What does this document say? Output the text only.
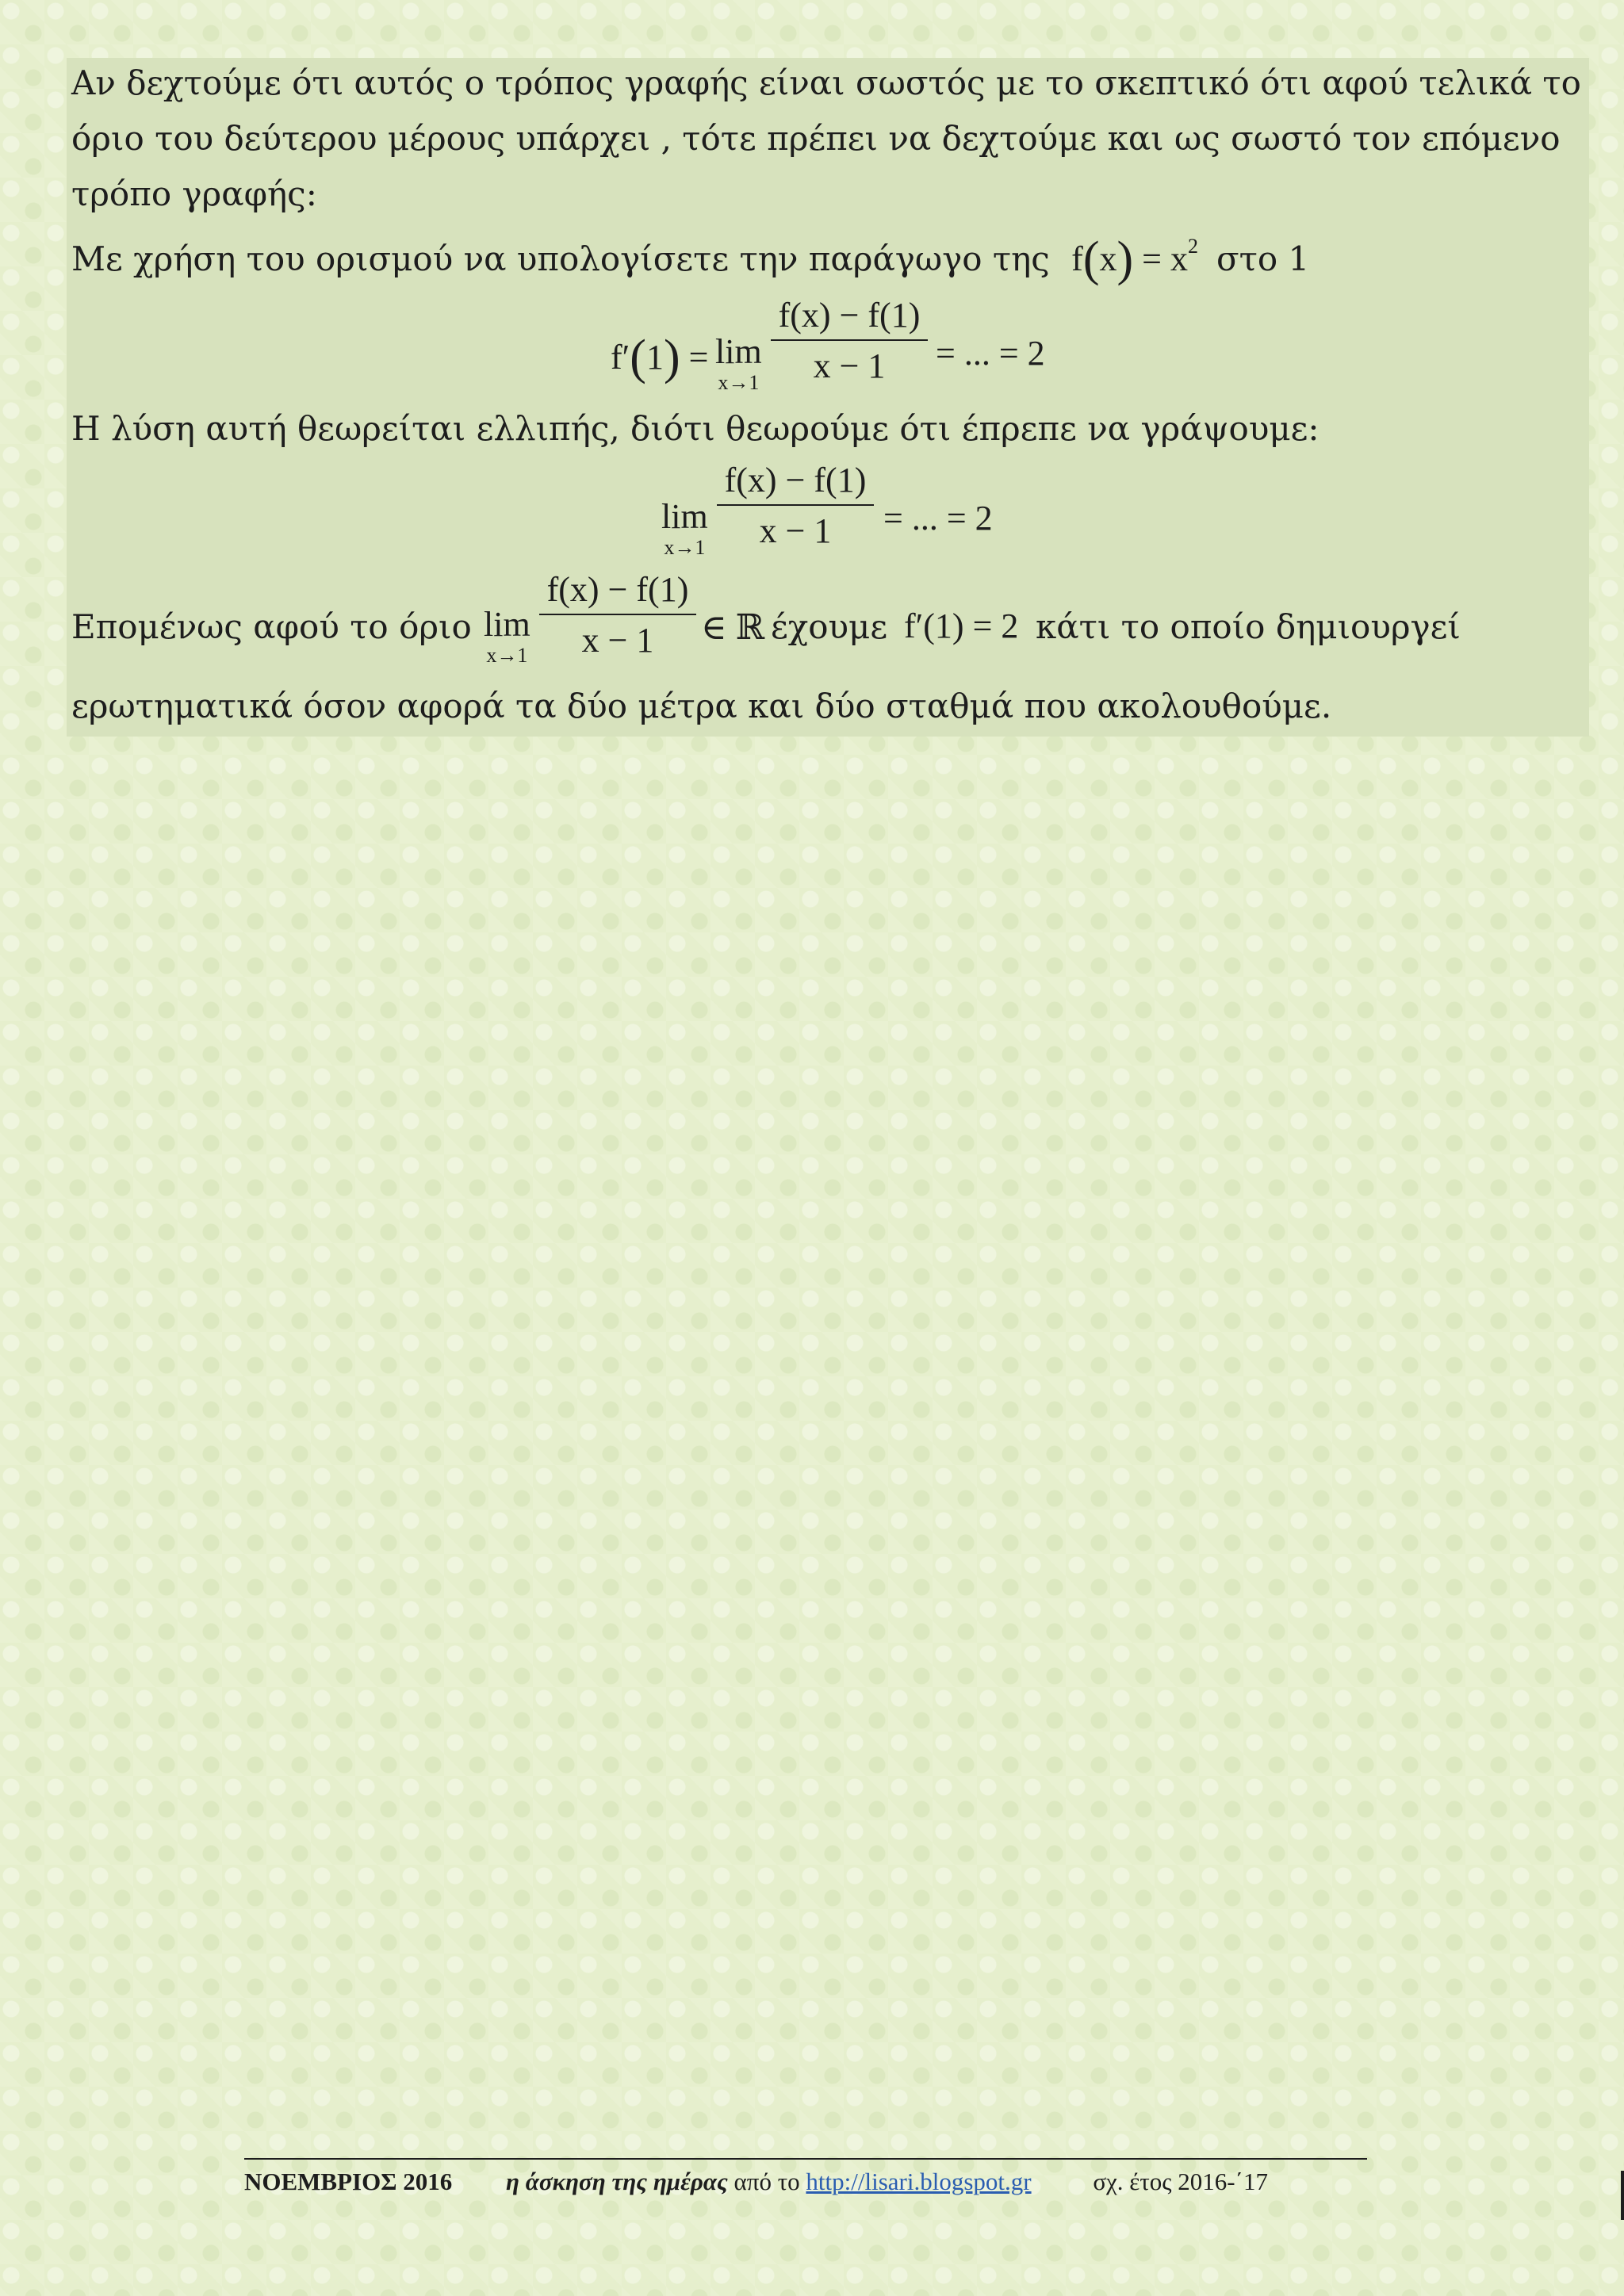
Αν δεχτούμε ότι αυτός ο τρόπος γραφής είναι σωστός με το σκεπτικό ότι αφού τελικά το
όριο του δεύτερου μέρους υπάρχει , τότε πρέπει να δεχτούμε και ως σωστό τον επόμενο
τρόπο γραφής:
Με χρήση του ορισμού να υπολογίσετε την παράγωγο της $f(x) = x^2$ στο 1
f′(1) = lim
$x\to 1 \frac{f(x) - f(1)}{x - 1}$ = ... = 2
Η λύση αυτή θεωρείται ελλιπής, διότι θεωρούμε ότι έπρεπε να γράψουμε:
lim
$x\to 1 \frac{f(x) - f(1)}{x - 1}$ = ... = 2
Επομένως αφού το όριο lim
$x\to 1 \frac{f(x) - f(1)}{x - 1}$ ∈ ℝ έχουμε f′(1) = 2 κάτι το οποίο δημιουργεί
ερωτηματικά όσον αφορά τα δύο μέτρα και δύο σταθμά που ακολουθούμε.
ΝΟΕΜΒΡΙΟΣ 2016 η άσκηση της ημέρας από το http://lisari.blogspot.gr	σχ. έτος 2016-΄17
